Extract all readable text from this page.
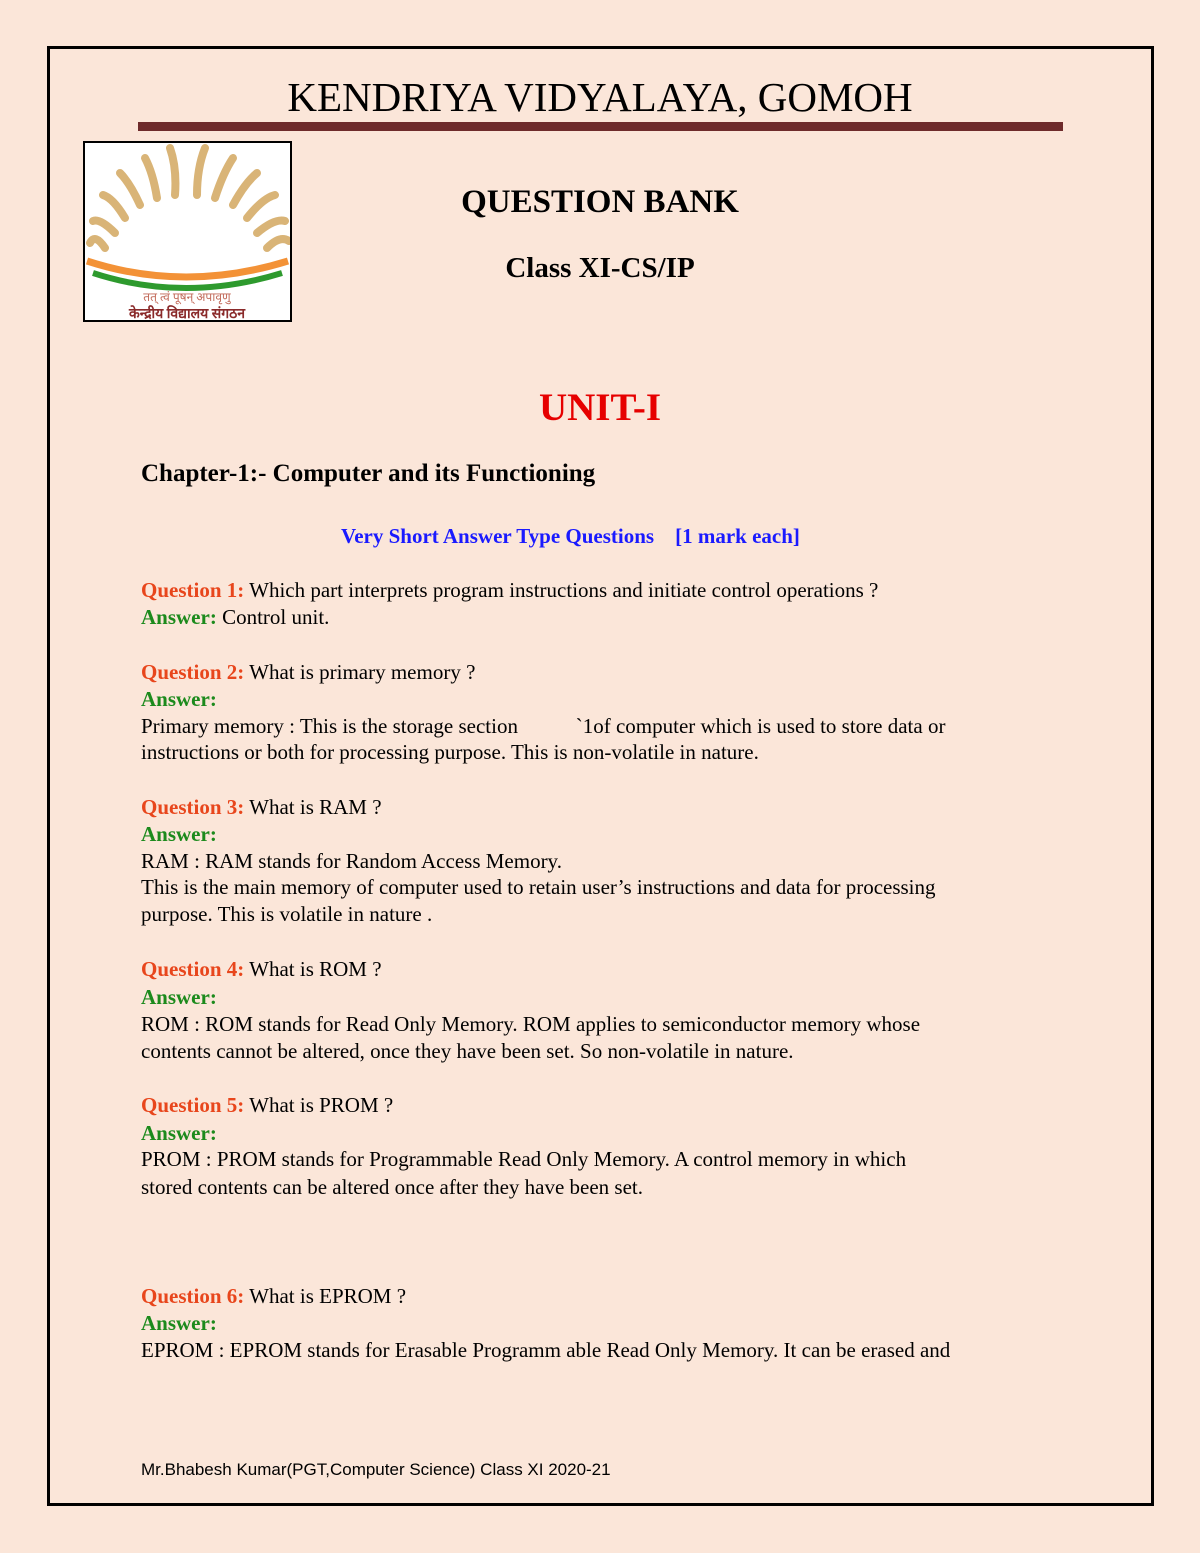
KENDRIYA VIDYALAYA, GOMOH
तत् त्वं पूषन् अपावृणु
केन्द्रीय विद्यालय संगठन
QUESTION BANK
Class XI-CS/IP
UNIT-I
Chapter-1:- Computer and its Functioning
Very Short Answer Type Questions    [1 mark each]
Question 1: Which part interprets program instructions and initiate control operations ?
Answer: Control unit.
Question 2: What is primary memory ?
Answer:
Primary memory : This is the storage section           `1of computer which is used to store data or
instructions or both for processing purpose. This is non-volatile in nature.
Question 3: What is RAM ?
Answer:
RAM : RAM stands for Random Access Memory.
This is the main memory of computer used to retain user’s instructions and data for processing
purpose. This is volatile in nature .
Question 4: What is ROM ?
Answer:
ROM : ROM stands for Read Only Memory. ROM applies to semiconductor memory whose
contents cannot be altered, once they have been set. So non-volatile in nature.
Question 5: What is PROM ?
Answer:
PROM : PROM stands for Programmable Read Only Memory. A control memory in which
stored contents can be altered once after they have been set.
Question 6: What is EPROM ?
Answer:
EPROM : EPROM stands for Erasable Programm able Read Only Memory. It can be erased and
Mr.Bhabesh Kumar(PGT,Computer Science) Class XI 2020-21
